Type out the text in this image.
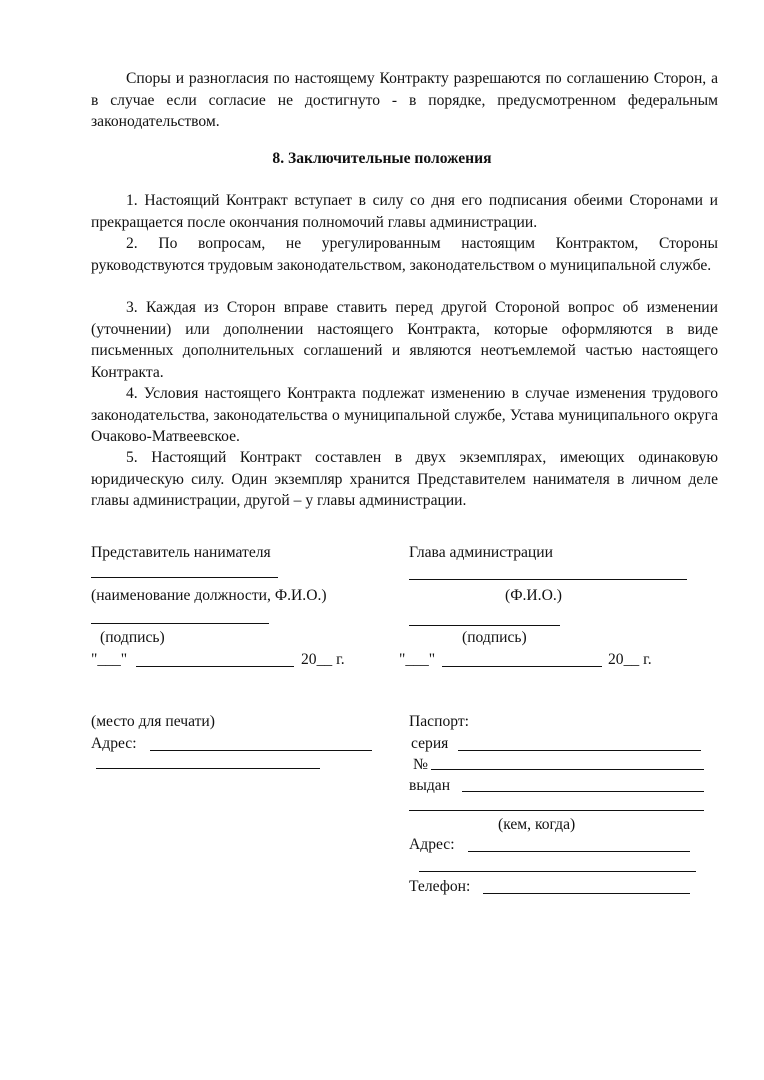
Споры и разногласия по настоящему Контракту разрешаются по соглашению Сторон, а в случае если согласие не достигнуто - в порядке, предусмотренном федеральным законодательством.
8. Заключительные положения
1. Настоящий Контракт вступает в силу со дня его подписания обеими Сторонами и прекращается после окончания полномочий главы администрации.
2. По вопросам, не урегулированным настоящим Контрактом, Стороны руководствуются трудовым законодательством, законодательством о муниципальной службе.
3. Каждая из Сторон вправе ставить перед другой Стороной вопрос об изменении (уточнении) или дополнении настоящего Контракта, которые оформляются в виде письменных дополнительных соглашений и являются неотъемлемой частью настоящего Контракта.
4. Условия настоящего Контракта подлежат изменению в случае изменения трудового законодательства, законодательства о муниципальной службе, Устава муниципального округа Очаково-Матвеевское.
5. Настоящий Контракт составлен в двух экземплярах, имеющих одинаковую юридическую силу. Один экземпляр хранится Представителем нанимателя в личном деле главы администрации, другой – у главы администрации.
Представитель нанимателя
(наименование должности, Ф.И.О.)
(подпись)
"___"	20__ г.
(место для печати)
Адрес:
Глава администрации
(Ф.И.О.)
(подпись)
"___"	20__ г.
Паспорт:
серия
№
выдан
(кем, когда)
Адрес:
Телефон:
